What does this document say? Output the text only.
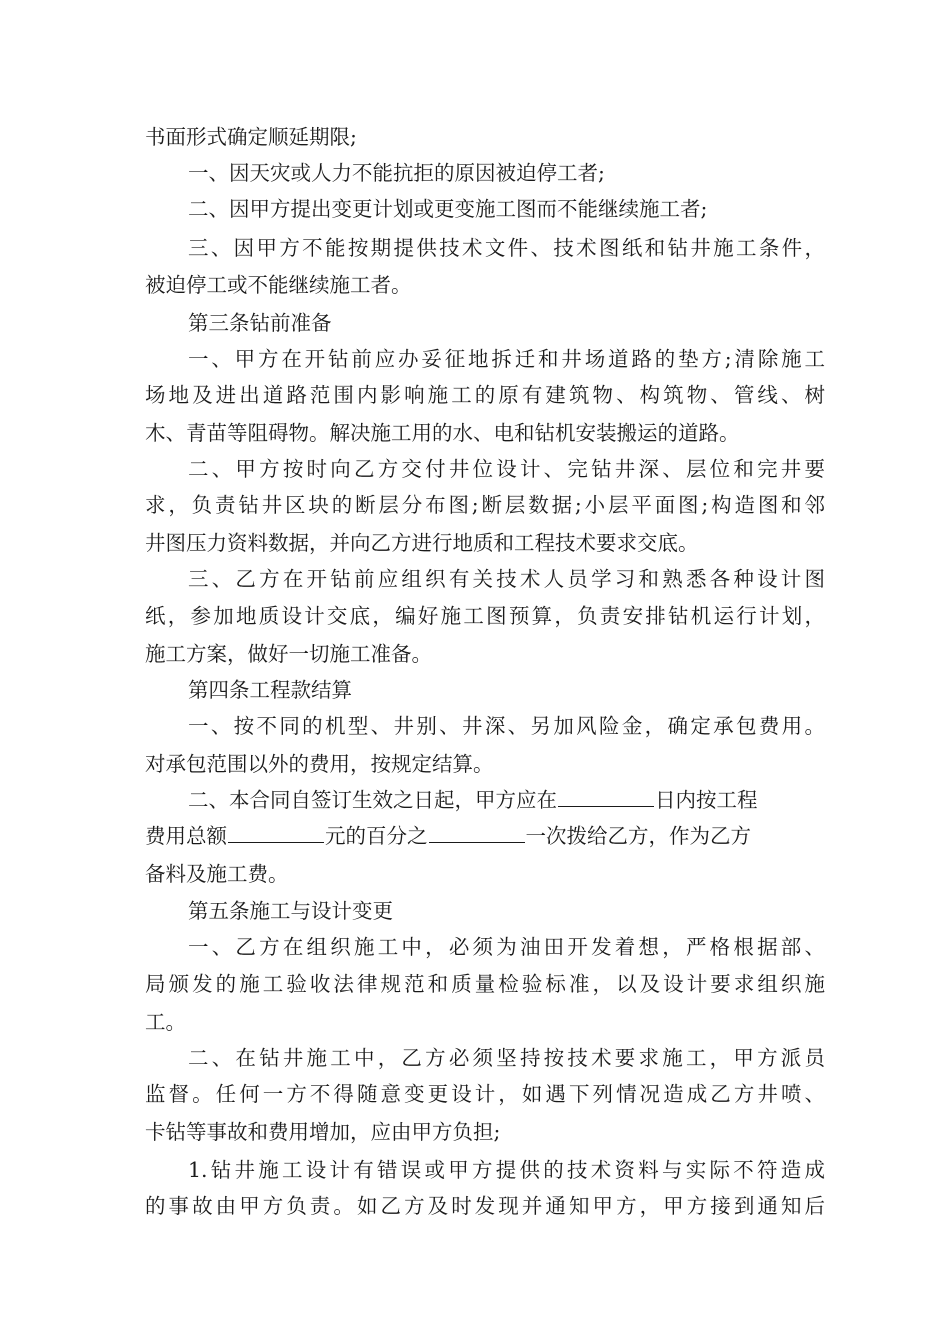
书面形式确定顺延期限;
一、因天灾或人力不能抗拒的原因被迫停工者;
二、因甲方提出变更计划或更变施工图而不能继续施工者;
三、因甲方不能按期提供技术文件、技术图纸和钻井施工条件，
被迫停工或不能继续施工者。
第三条钻前准备
一、甲方在开钻前应办妥征地拆迁和井场道路的垫方;清除施工
场地及进出道路范围内影响施工的原有建筑物、构筑物、管线、树
木、青苗等阻碍物。解决施工用的水、电和钻机安装搬运的道路。
二、甲方按时向乙方交付井位设计、完钻井深、层位和完井要
求，负责钻井区块的断层分布图;断层数据;小层平面图;构造图和邻
井图压力资料数据，并向乙方进行地质和工程技术要求交底。
三、乙方在开钻前应组织有关技术人员学习和熟悉各种设计图
纸，参加地质设计交底，编好施工图预算，负责安排钻机运行计划，
施工方案，做好一切施工准备。
第四条工程款结算
一、按不同的机型、井别、井深、另加风险金，确定承包费用。
对承包范围以外的费用，按规定结算。
二、本合同自签订生效之日起，甲方应在	日内按工程
费用总额	元的百分之	一次拨给乙方，作为乙方
备料及施工费。
第五条施工与设计变更
一、乙方在组织施工中，必须为油田开发着想，严格根据部、
局颁发的施工验收法律规范和质量检验标准，以及设计要求组织施
工。
二、在钻井施工中，乙方必须坚持按技术要求施工，甲方派员
监督。任何一方不得随意变更设计，如遇下列情况造成乙方井喷、
卡钻等事故和费用增加，应由甲方负担;
1.钻井施工设计有错误或甲方提供的技术资料与实际不符造成
的事故由甲方负责。如乙方及时发现并通知甲方，甲方接到通知后
